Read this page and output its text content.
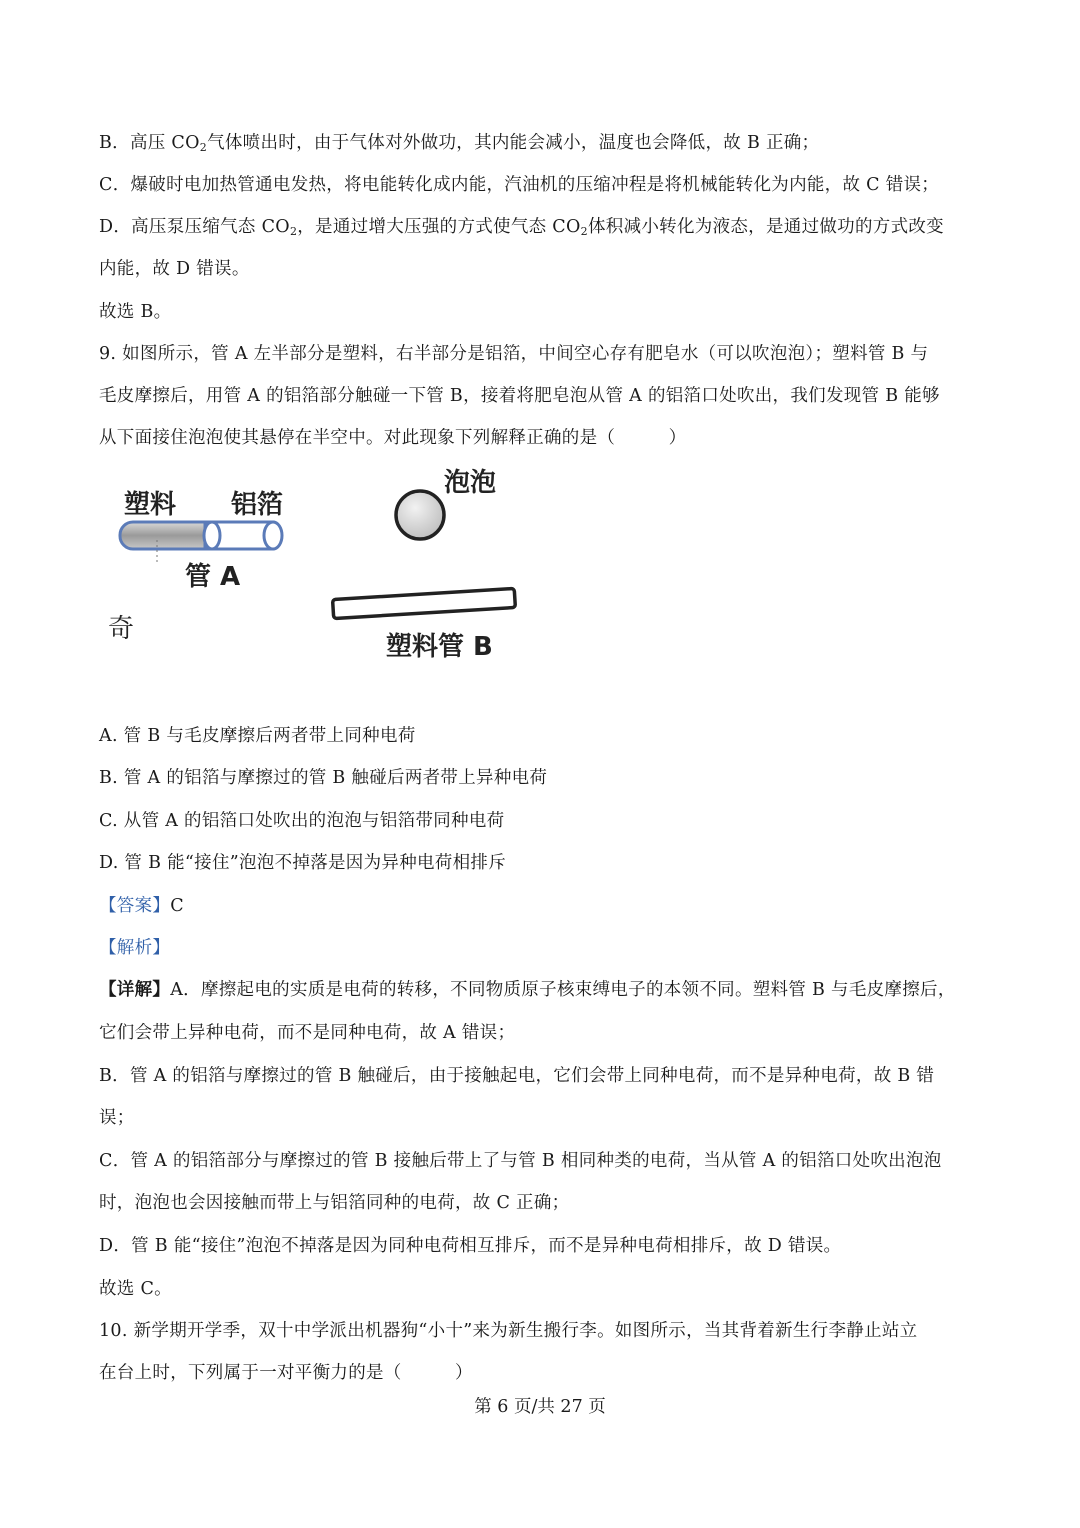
B．高压 $CO_2$气体喷出时，由于气体对外做功，其内能会减小，温度也会降低，故 B 正确；
C．爆破时电加热管通电发热，将电能转化成内能，汽油机的压缩冲程是将机械能转化为内能，故 C 错误；
D．高压泵压缩气态 $CO_2$，是通过增大压强的方式使气态 $CO_2$体积减小转化为液态，是通过做功的方式改变
内能，故 D 错误。
故选 B。
9. 如图所示，管 A 左半部分是塑料，右半部分是铝箔，中间空心存有肥皂水（可以吹泡泡）；塑料管 B 与
毛皮摩擦后，用管 A 的铝箔部分触碰一下管 B，接着将肥皂泡从管 A 的铝箔口处吹出，我们发现管 B 能够
从下面接住泡泡使其悬停在半空中。对此现象下列解释正确的是（　　　）
塑料 铝箔
管 A
泡泡
塑料管 B
奇
A. 管 B 与毛皮摩擦后两者带上同种电荷
B. 管 A 的铝箔与摩擦过的管 B 触碰后两者带上异种电荷
C. 从管 A 的铝箔口处吹出的泡泡与铝箔带同种电荷
D. 管 B 能“接住”泡泡不掉落是因为异种电荷相排斥
【答案】C
【解析】
【详解】A．摩擦起电的实质是电荷的转移，不同物质原子核束缚电子的本领不同。塑料管 B 与毛皮摩擦后，
它们会带上异种电荷，而不是同种电荷，故 A 错误；
B．管 A 的铝箔与摩擦过的管 B 触碰后，由于接触起电，它们会带上同种电荷，而不是异种电荷，故 B 错
误；
C．管 A 的铝箔部分与摩擦过的管 B 接触后带上了与管 B 相同种类的电荷，当从管 A 的铝箔口处吹出泡泡
时，泡泡也会因接触而带上与铝箔同种的电荷，故 C 正确；
D．管 B 能“接住”泡泡不掉落是因为同种电荷相互排斥，而不是异种电荷相排斥，故 D 错误。
故选 C。
10. 新学期开学季，双十中学派出机器狗“小十”来为新生搬行李。如图所示，当其背着新生行李静止站立
在台上时，下列属于一对平衡力的是（　　　）
第 6 页/共 27 页
